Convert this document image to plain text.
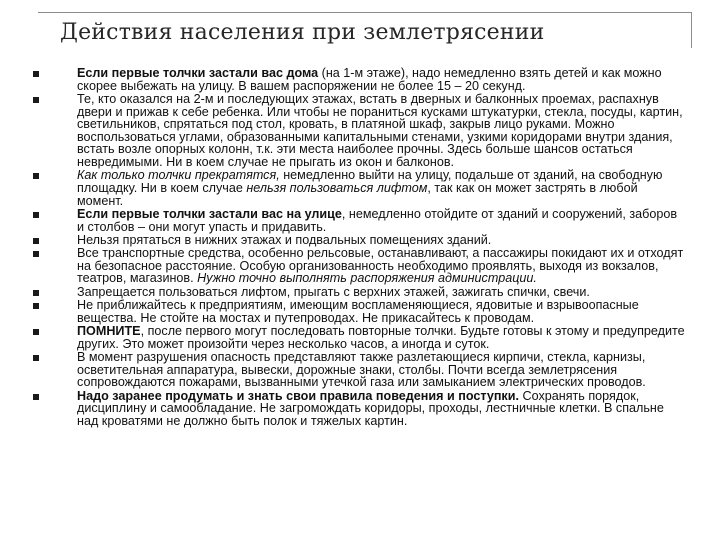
Действия населения при землетрясении
Если первые толчки застали вас дома (на 1-м этаже), надо немедленно взять детей и как можно скорее выбежать на улицу. В вашем распоряжении не более 15 – 20 секунд.
Те, кто оказался на 2-м и последующих этажах, встать в дверных и балконных проемах, распахнув двери и прижав к себе ребенка. Или чтобы не пораниться кусками штукатурки, стекла, посуды, картин, светильников, спрятаться под стол, кровать, в платяной шкаф, закрыв лицо руками. Можно воспользоваться углами, образованными капитальными стенами, узкими коридорами внутри здания, встать возле опорных колонн, т.к. эти места наиболее прочны. Здесь больше шансов остаться невредимыми. Ни в коем случае не прыгать из окон и балконов.
Как только толчки прекратятся, немедленно выйти на улицу, подальше от зданий, на свободную площадку. Ни в коем случае нельзя пользоваться лифтом, так как он может застрять в любой момент.
Если первые толчки застали вас на улице, немедленно отойдите от зданий и сооружений, заборов и столбов – они могут упасть и придавить.
Нельзя прятаться в нижних этажах и подвальных помещениях зданий.
Все транспортные средства, особенно рельсовые, останавливают, а пассажиры покидают их и отходят на безопасное расстояние. Особую организованность необходимо проявлять, выходя из вокзалов, театров, магазинов. Нужно точно выполнять распоряжения администрации.
Запрещается пользоваться лифтом, прыгать с верхних этажей, зажигать спички, свечи.
Не приближайтесь к предприятиям, имеющим воспламеняющиеся, ядовитые и взрывоопасные вещества. Не стойте на мостах и путепроводах. Не прикасайтесь к проводам.
ПОМНИТЕ, после первого могут последовать повторные толчки. Будьте готовы к этому и предупредите других. Это может произойти через несколько часов, а иногда и суток.
В момент разрушения опасность представляют также разлетающиеся кирпичи, стекла, карнизы, осветительная аппаратура, вывески, дорожные знаки, столбы. Почти всегда землетрясения сопровождаются пожарами, вызванными утечкой газа или замыканием электрических проводов.
Надо заранее продумать и знать свои правила поведения и поступки. Сохранять порядок, дисциплину и самообладание. Не загромождать коридоры, проходы, лестничные клетки. В спальне над кроватями не должно быть полок и тяжелых картин.
